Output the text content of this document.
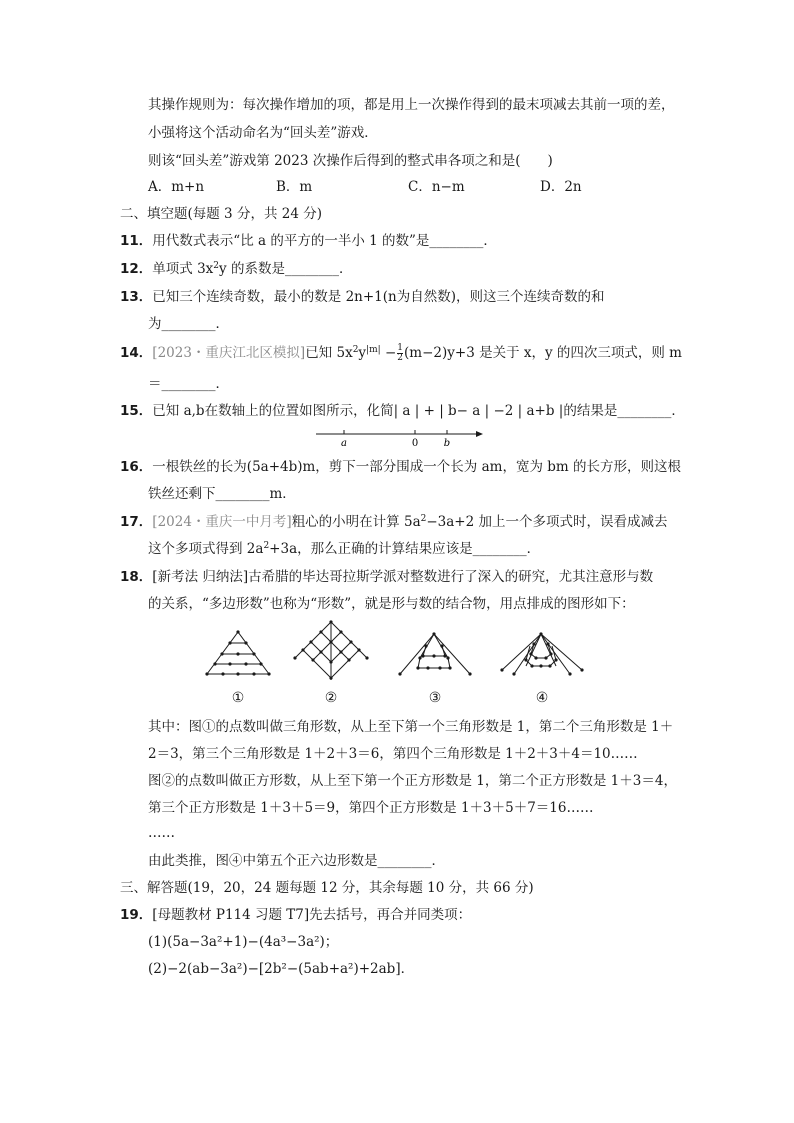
其操作规则为：每次操作增加的项，都是用上一次操作得到的最末项减去其前一项的差，
小强将这个活动命名为“回头差”游戏．
则该“回头差”游戏第 2023 次操作后得到的整式串各项之和是(　　)
A．m+n	B．m	C．n−m	D．2n
二、填空题(每题 3 分，共 24 分)
11．用代数式表示“比 a 的平方的一半小 1 的数”是________．
12．单项式 $3x^2y$ 的系数是________．
13．已知三个连续奇数，最小的数是 2n+1(n为自然数)，则这三个连续奇数的和
为________．
14．[2023・重庆江北区模拟]已知 $5x^2y^{|m|} - \frac{1}{2} (m-2)y+3$ 是关于 x，y 的四次三项式，则 m
＝________．
15．已知 a,b在数轴上的位置如图所示，化简| a | + | b− a | −2 | a+b |的结果是________．
a	0	b
16．一根铁丝的长为(5a+4b)m，剪下一部分围成一个长为 am，宽为 bm 的长方形，则这根
铁丝还剩下________m．
17．[2024・重庆一中月考]粗心的小明在计算 $5a^2-3a+2$ 加上一个多项式时，误看成减去
这个多项式得到 $2a^2+3a$，那么正确的计算结果应该是________．
18．[新考法 归纳法]古希腊的毕达哥拉斯学派对整数进行了深入的研究，尤其注意形与数
的关系，“多边形数”也称为“形数”，就是形与数的结合物，用点排成的图形如下：
①	②	③	④
其中：图①的点数叫做三角形数，从上至下第一个三角形数是 1，第二个三角形数是 1＋
2＝3，第三个三角形数是 1＋2＋3＝6，第四个三角形数是 1＋2＋3＋4＝10……
图②的点数叫做正方形数，从上至下第一个正方形数是 1，第二个正方形数是 1＋3＝4，
第三个正方形数是 1＋3＋5＝9，第四个正方形数是 1＋3＋5＋7＝16……
……
由此类推，图④中第五个正六边形数是________．
三、解答题(19，20，24 题每题 12 分，其余每题 10 分，共 66 分)
19．[母题教材 P114 习题 T7]先去括号，再合并同类项：
(1)(5a−3a²+1)−(4a³−3a²)；
(2)−2(ab−3a²)−[2b²−(5ab+a²)+2ab]．
